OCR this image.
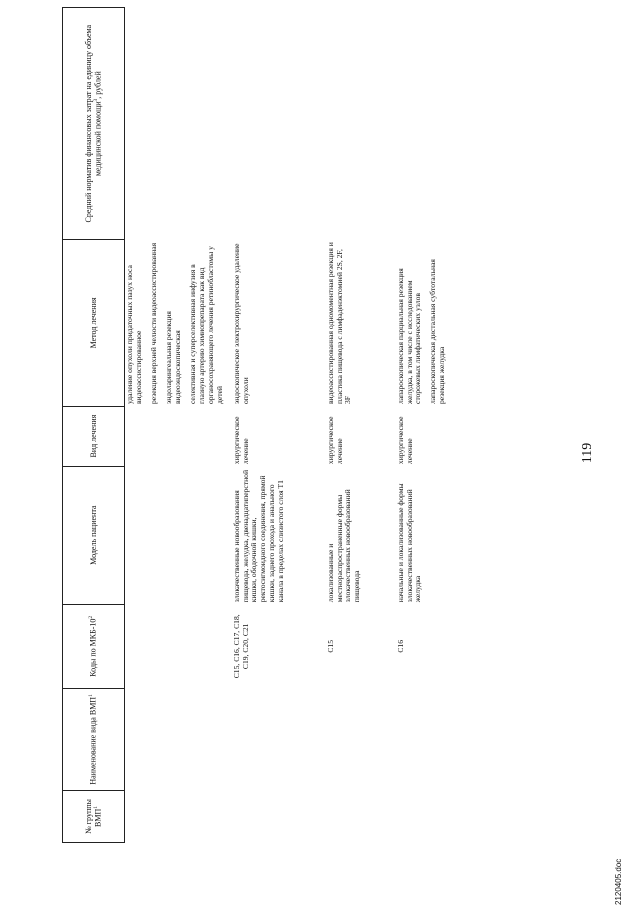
№ группы ВМП$^1$	Наименование вида ВМП$^1$	Коды по МКБ-$10^2$	Модель пациента	Вид лечения	Метод лечения	Средний норматив финансовых затрат на единицу объема медицинской помощи$^3$, рублей

					удаление опухоли придаточных пазух носа видеоассистированное резекция верхней челюсти видеоассистированная эндоларингеальная резекция видеоэндоскопическая селективная и суперселективная инфузия в глазную артерию химиопрепарата как вид органосохраняющего лечения ретинобластомы у детей	

		C15, C16, C17, C18, C19, C20, C21	злокачественные новообразования пищевода, желудка, двенадцатиперстной кишки, ободочной кишки, ректосигмоидного соединения, прямой кишки, заднего прохода и анального канала в пределах слизистого слоя T1	хирургическое лечение	эндоскопическое электрохирургическое удаление опухоли	

		C15	локализованные и местнораспространенные формы злокачественных новообразований пищевода	хирургическое лечение	видеоассистированная одномоментная резекция и пластика пищевода с лимфаденэктомией 2S, 2F, 3F	

		C16	начальные и локализованные формы злокачественных новообразований желудка	хирургическое лечение	лапароскопическая парциальная резекция желудка, в том числе с исследованием сторожевых лимфатических узлов лапароскопическая дистальная субтотальная резекция желудка	

119
2120405.doc
